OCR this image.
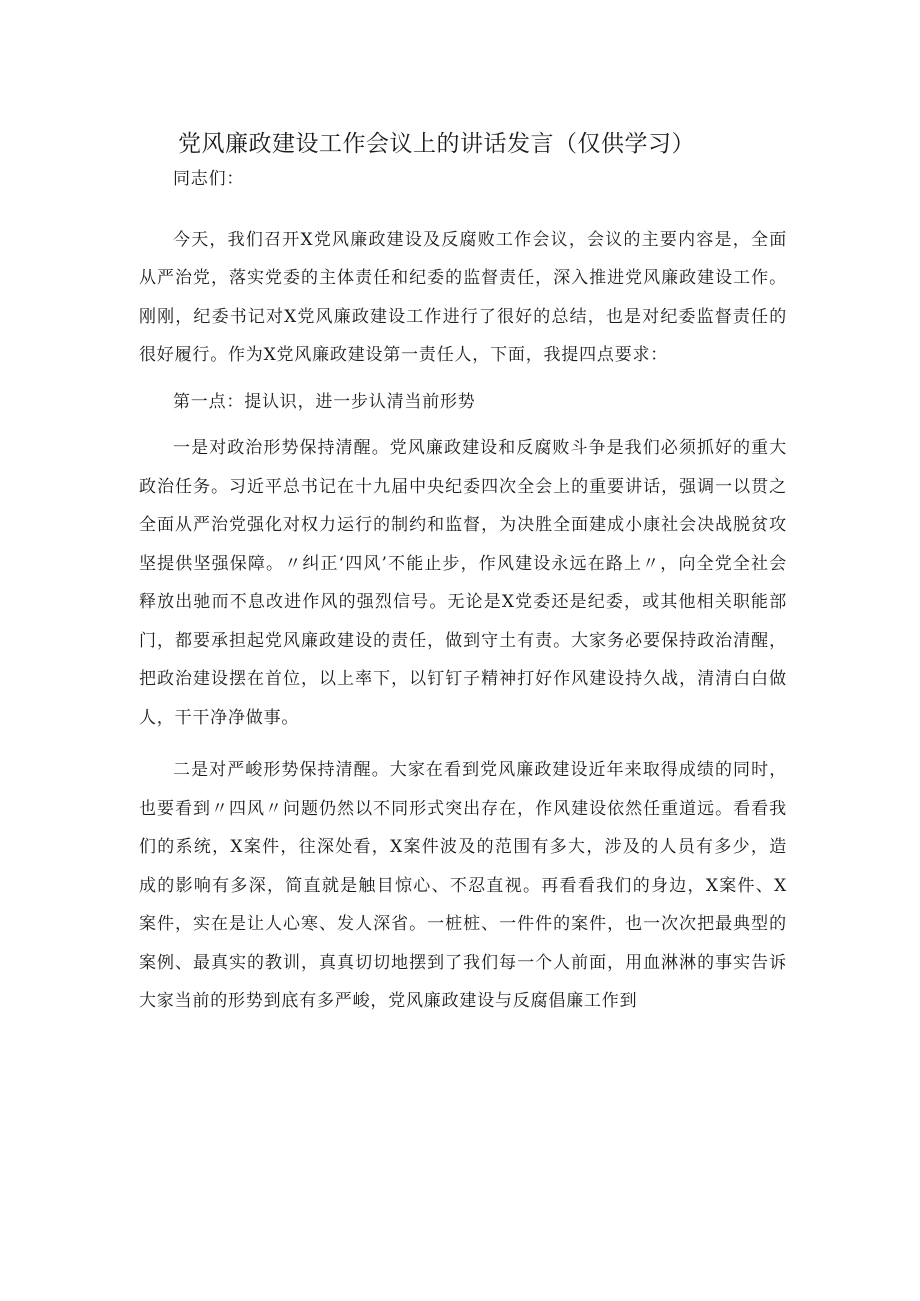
党风廉政建设工作会议上的讲话发言（仅供学习）

同志们：

今天，我们召开X党风廉政建设及反腐败工作会议，会议的主要内容是，全面从严治党，落实党委的主体责任和纪委的监督责任，深入推进党风廉政建设工作。刚刚，纪委书记对X党风廉政建设工作进行了很好的总结，也是对纪委监督责任的很好履行。作为X党风廉政建设第一责任人，下面，我提四点要求：

第一点：提认识，进一步认清当前形势

一是对政治形势保持清醒。党风廉政建设和反腐败斗争是我们必须抓好的重大政治任务。习近平总书记在十九届中央纪委四次全会上的重要讲话，强调一以贯之全面从严治党强化对权力运行的制约和监督，为决胜全面建成小康社会决战脱贫攻坚提供坚强保障。〃纠正‘四风’不能止步，作风建设永远在路上〃，向全党全社会释放出驰而不息改进作风的强烈信号。无论是X党委还是纪委，或其他相关职能部门，都要承担起党风廉政建设的责任，做到守土有责。大家务必要保持政治清醒，把政治建设摆在首位，以上率下，以钉钉子精神打好作风建设持久战，清清白白做人，干干净净做事。

二是对严峻形势保持清醒。大家在看到党风廉政建设近年来取得成绩的同时，也要看到〃四风〃问题仍然以不同形式突出存在，作风建设依然任重道远。看看我们的系统，X案件，往深处看，X案件波及的范围有多大，涉及的人员有多少，造成的影响有多深，简直就是触目惊心、不忍直视。再看看我们的身边，X案件、X案件，实在是让人心寒、发人深省。一桩桩、一件件的案件，也一次次把最典型的案例、最真实的教训，真真切切地摆到了我们每一个人前面，用血淋淋的事实告诉大家当前的形势到底有多严峻，党风廉政建设与反腐倡廉工作到
